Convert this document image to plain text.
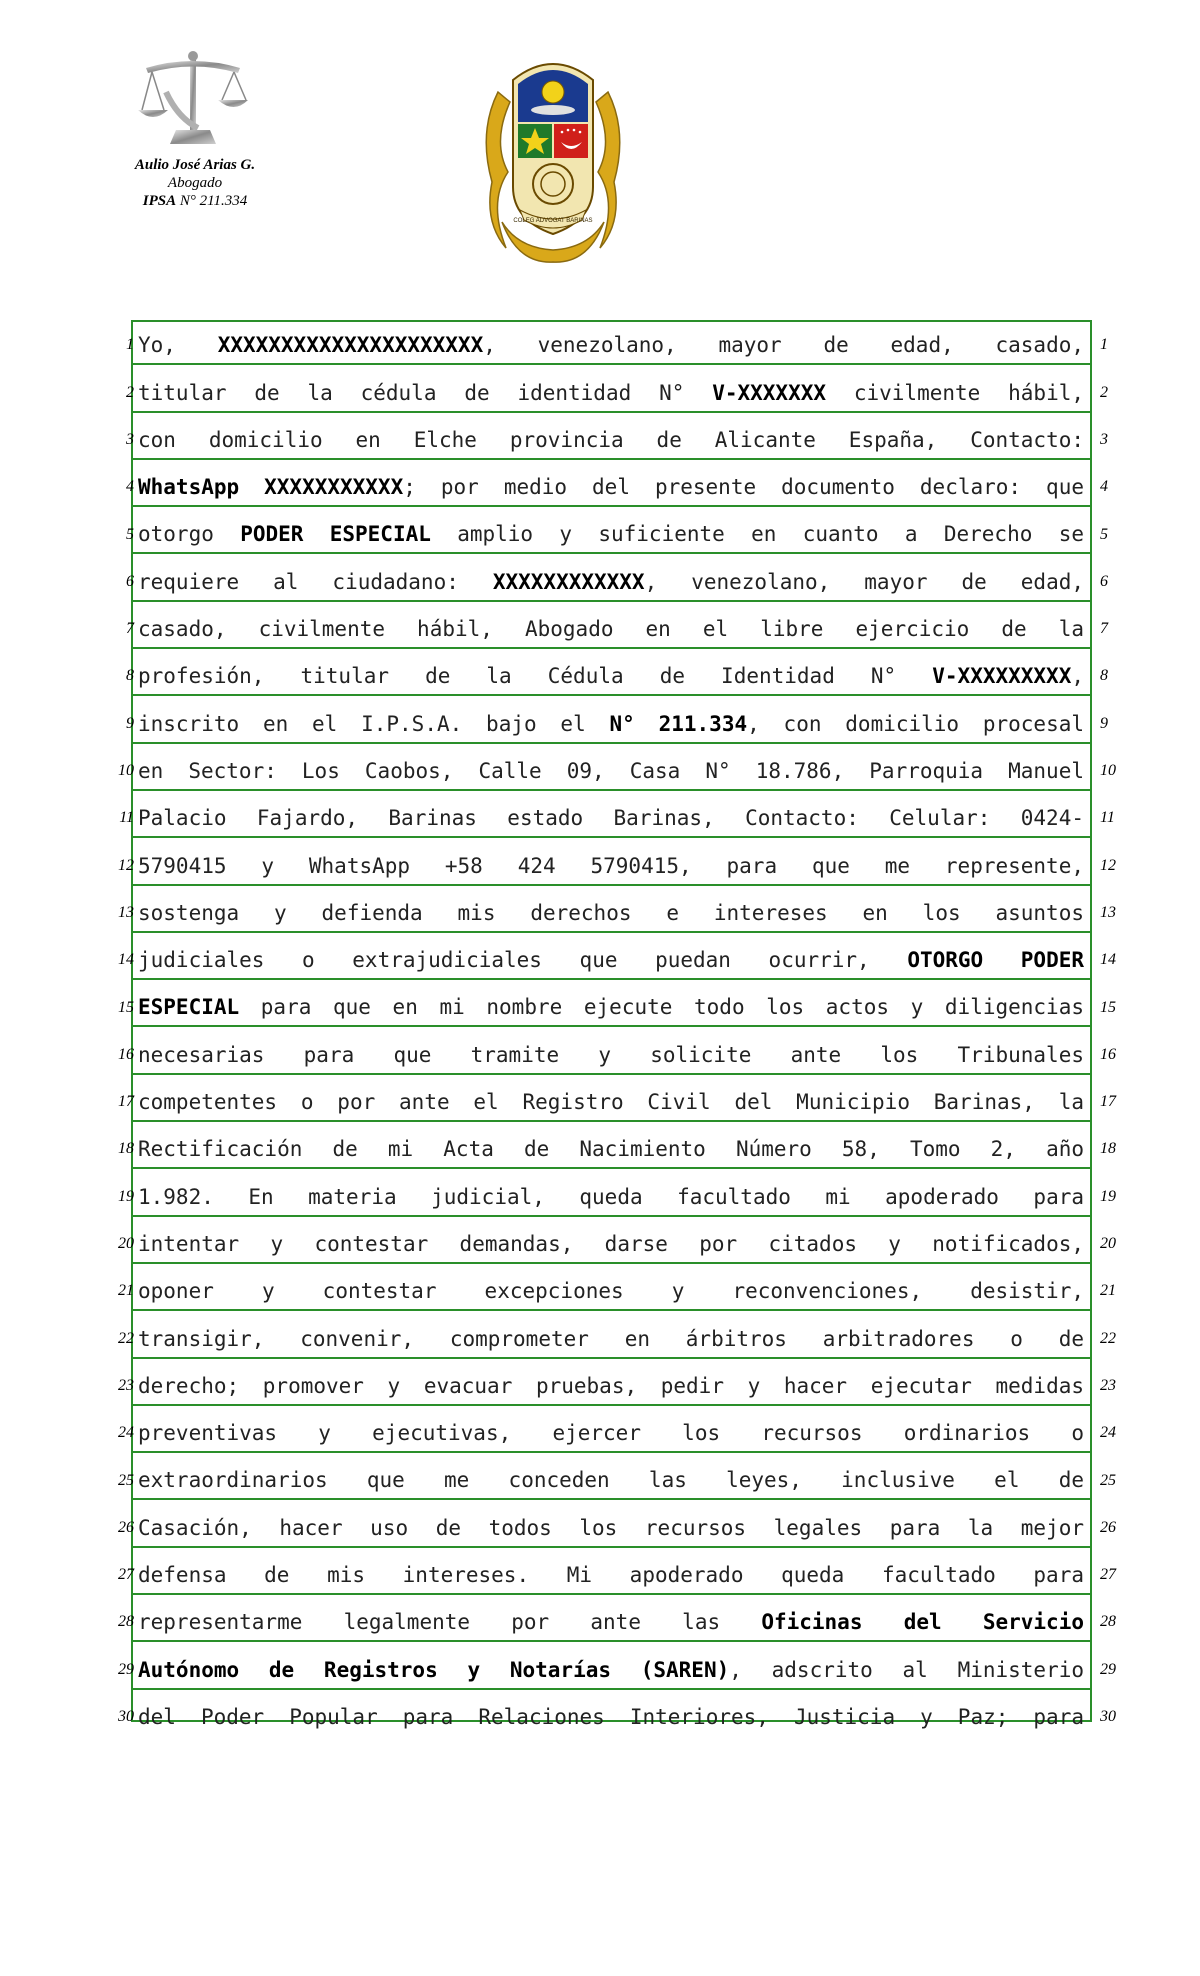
Aulio José Arias G.
Abogado
IPSA N° 211.334
COLEG ADVOGAT BARINAS
Yo, XXXXXXXXXXXXXXXXXXXXX, venezolano, mayor de edad, casado,
1	1
titular de la cédula de identidad N° V-XXXXXXX civilmente hábil,
2	2
con domicilio en Elche provincia de Alicante España, Contacto:
3	3
WhatsApp XXXXXXXXXXX; por medio del presente documento declaro: que
4	4
otorgo PODER ESPECIAL amplio y suficiente en cuanto a Derecho se
5	5
requiere al ciudadano: XXXXXXXXXXXX, venezolano, mayor de edad,
6	6
casado, civilmente hábil, Abogado en el libre ejercicio de la
7	7
profesión, titular de la Cédula de Identidad N° V-XXXXXXXXX,
8	8
inscrito en el I.P.S.A. bajo el N° 211.334, con domicilio procesal
9	9
en Sector: Los Caobos, Calle 09, Casa N° 18.786, Parroquia Manuel
10	10
Palacio Fajardo, Barinas estado Barinas, Contacto: Celular: 0424-
11	11
5790415 y WhatsApp +58 424 5790415, para que me represente,
12	12
sostenga y defienda mis derechos e intereses en los asuntos
13	13
judiciales o extrajudiciales que puedan ocurrir, OTORGO PODER
14	14
ESPECIAL para que en mi nombre ejecute todo los actos y diligencias
15	15
necesarias para que tramite y solicite ante los Tribunales
16	16
competentes o por ante el Registro Civil del Municipio Barinas, la
17	17
Rectificación de mi Acta de Nacimiento Número 58, Tomo 2, año
18	18
1.982. En materia judicial, queda facultado mi apoderado para
19	19
intentar y contestar demandas, darse por citados y notificados,
20	20
oponer y contestar excepciones y reconvenciones, desistir,
21	21
transigir, convenir, comprometer en árbitros arbitradores o de
22	22
derecho; promover y evacuar pruebas, pedir y hacer ejecutar medidas
23	23
preventivas y ejecutivas, ejercer los recursos ordinarios o
24	24
extraordinarios que me conceden las leyes, inclusive el de
25	25
Casación, hacer uso de todos los recursos legales para la mejor
26	26
defensa de mis intereses. Mi apoderado queda facultado para
27	27
representarme legalmente por ante las Oficinas del Servicio
28	28
Autónomo de Registros y Notarías (SAREN), adscrito al Ministerio
29	29
del Poder Popular para Relaciones Interiores, Justicia y Paz; para
30	30
